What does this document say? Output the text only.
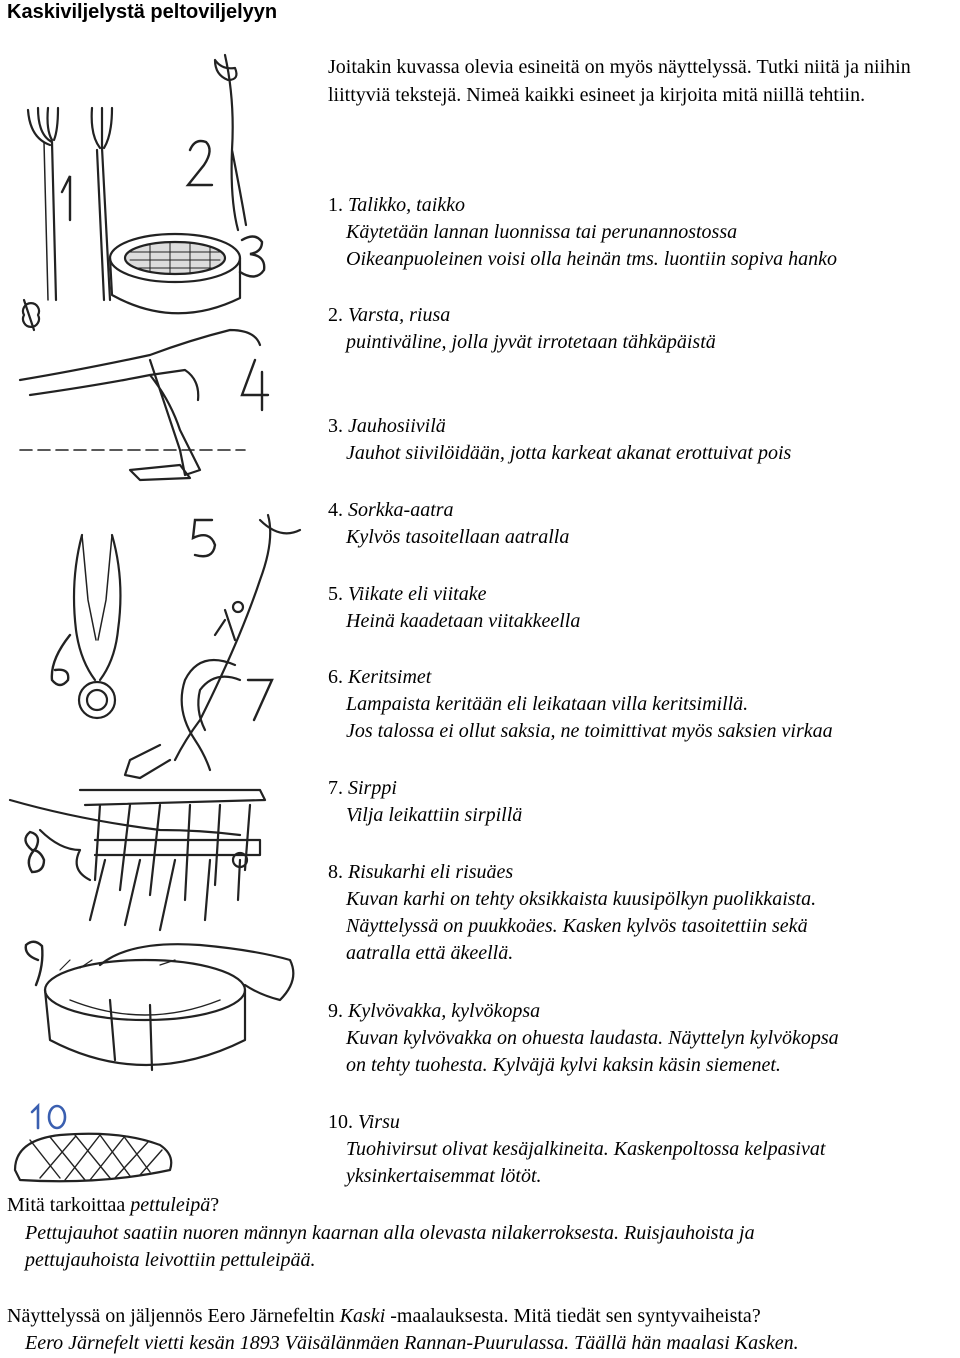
Kaskiviljelystä peltoviljelyyn
Joitakin kuvassa olevia esineitä on myös näyttelyssä. Tutki niitä ja niihin liittyviä tekstejä. Nimeä kaikki esineet ja kirjoita mitä niillä tehtiin.
1. Talikko, taikko
Käytetään lannan luonnissa tai perunannostossa
Oikeanpuoleinen voisi olla heinän tms. luontiin sopiva hanko
2. Varsta, riusa
puintiväline, jolla jyvät irrotetaan tähkäpäistä
3. Jauhosiivilä
Jauhot siivilöidään, jotta karkeat akanat erottuivat pois
4. Sorkka-aatra
Kylvös tasoitellaan aatralla
5. Viikate eli viitake
Heinä kaadetaan viitakkeella
6. Keritsimet
Lampaista keritään eli leikataan villa keritsimillä.
Jos talossa ei ollut saksia, ne toimittivat myös saksien virkaa
7. Sirppi
Vilja leikattiin sirpillä
8. Risukarhi eli risuäes
Kuvan karhi on tehty oksikkaista kuusipölkyn puolikkaista.
Näyttelyssä on puukkoäes. Kasken kylvös tasoitettiin sekä
aatralla että äkeellä.
9. Kylvövakka, kylvökopsa
Kuvan kylvövakka on ohuesta laudasta. Näyttelyn kylvökopsa
on tehty tuohesta. Kylväjä kylvi kaksin käsin siemenet.
10. Virsu
Tuohivirsut olivat kesäjalkineita. Kaskenpoltossa kelpasivat
yksinkertaisemmat lötöt.
Mitä tarkoittaa pettuleipä?
Pettujauhot saatiin nuoren männyn kaarnan alla olevasta nilakerroksesta. Ruisjauhoista ja
pettujauhoista leivottiin pettuleipää.
Näyttelyssä on jäljennös Eero Järnefeltin Kaski -maalauksesta. Mitä tiedät sen syntyvaiheista?
Eero Järnefelt vietti kesän 1893 Väisälänmäen Rannan-Puurulassa. Täällä hän maalasi Kasken.
